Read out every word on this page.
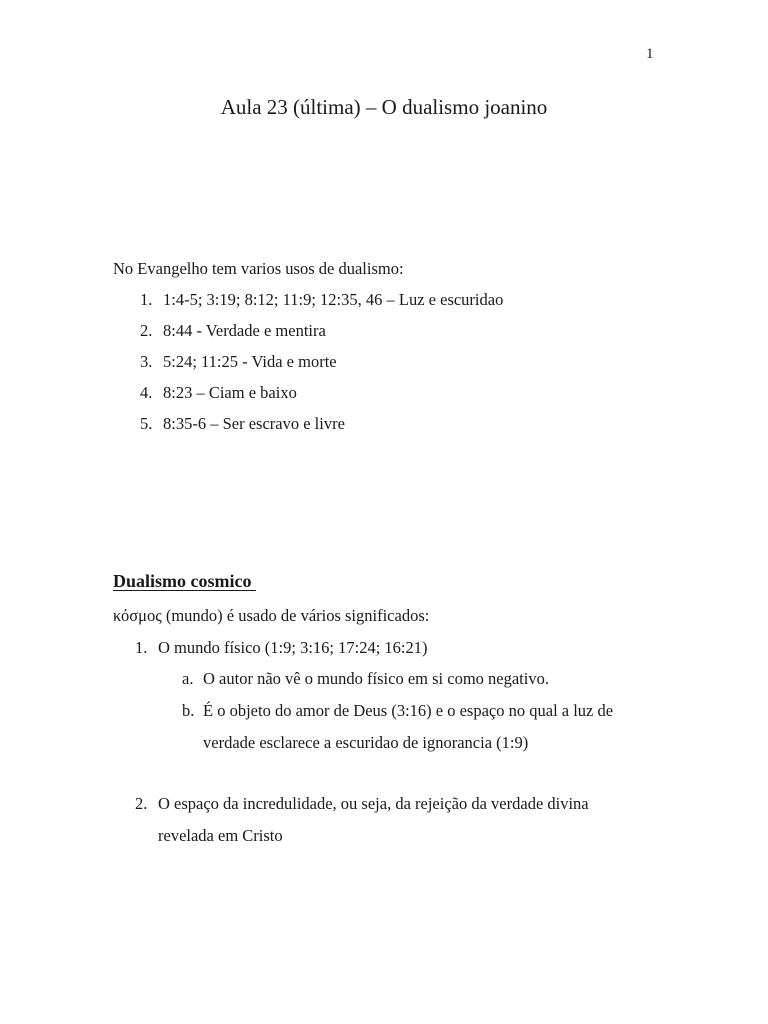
1
Aula 23 (última) – O dualismo joanino

No Evangelho tem varios usos de dualismo:

1. 1:4-5; 3:19; 8:12; 11:9; 12:35, 46 – Luz e escuridao
2. 8:44 - Verdade e mentira
3. 5:24; 11:25 - Vida e morte
4. 8:23 – Ciam e baixo
5. 8:35-6 – Ser escravo e livre
Dualismo cosmico

κόσμος (mundo) é usado de vários significados:

1. O mundo físico (1:9; 3:16; 17:24; 16:21)
a. O autor não vê o mundo físico em si como negativo.
b. É o objeto do amor de Deus (3:16) e o espaço no qual a luz de
verdade esclarece a escuridao de ignorancia (1:9)
2. O espaço da incredulidade, ou seja, da rejeição da verdade divina
revelada em Cristo
